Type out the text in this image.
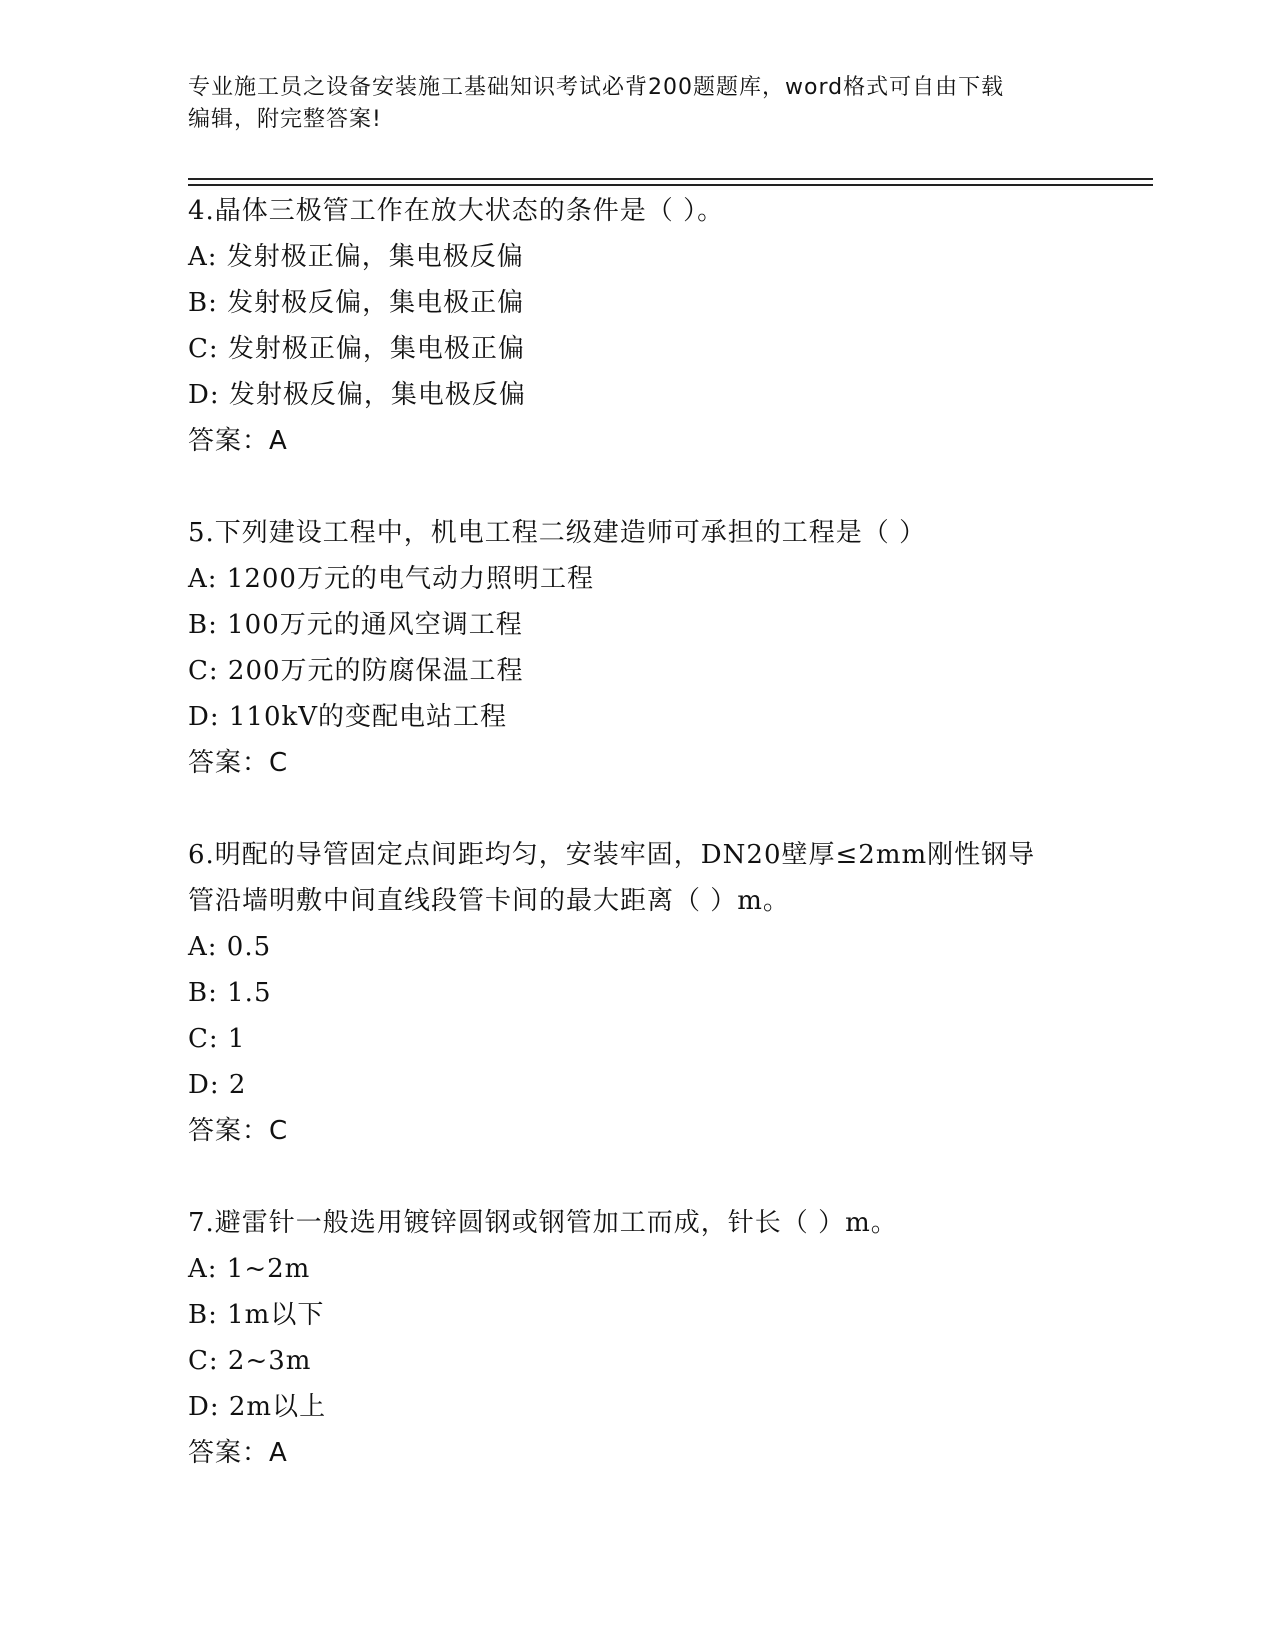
专业施工员之设备安装施工基础知识考试必背200题题库，word格式可自由下载
编辑，附完整答案!
4.晶体三极管工作在放大状态的条件是（ ）。
A: 发射极正偏，集电极反偏
B: 发射极反偏，集电极正偏
C: 发射极正偏，集电极正偏
D: 发射极反偏，集电极反偏
答案：A
5.下列建设工程中，机电工程二级建造师可承担的工程是（ ）
A: 1200万元的电气动力照明工程
B: 100万元的通风空调工程
C: 200万元的防腐保温工程
D: 110kV的变配电站工程
答案：C
6.明配的导管固定点间距均匀，安装牢固，DN20壁厚≤2mm刚性钢导
管沿墙明敷中间直线段管卡间的最大距离（ ）m。
A: 0.5
B: 1.5
C: 1
D: 2
答案：C
7.避雷针一般选用镀锌圆钢或钢管加工而成，针长（ ）m。
A: 1~2m
B: 1m以下
C: 2~3m
D: 2m以上
答案：A
